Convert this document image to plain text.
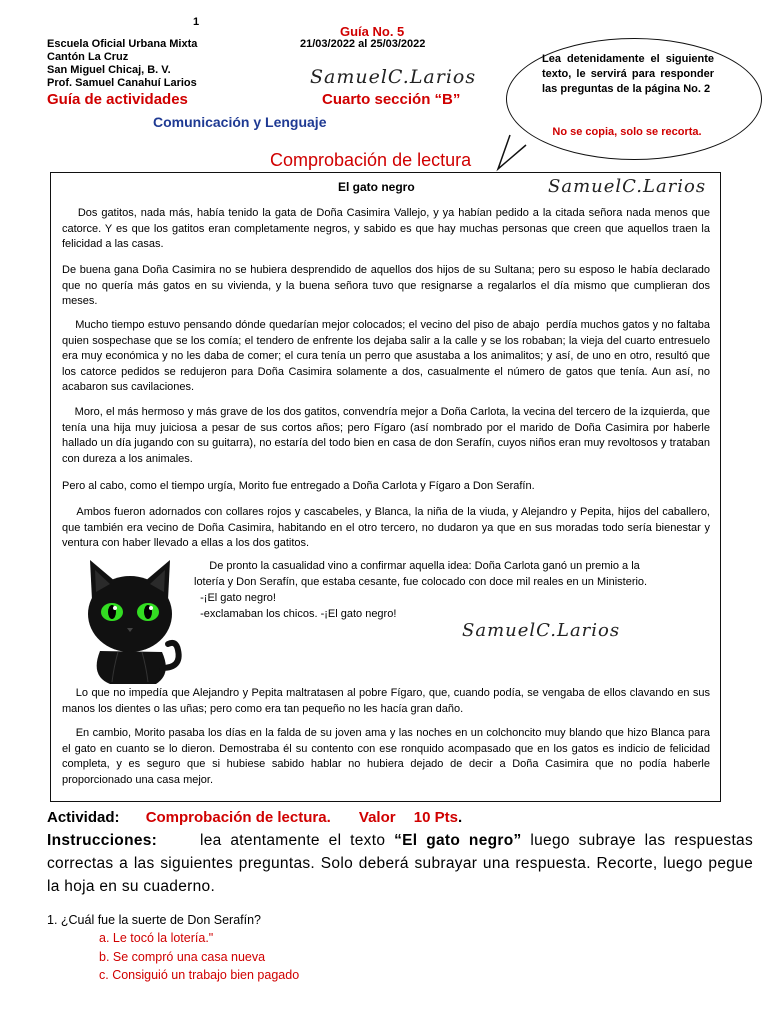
1
Guía No. 5
Escuela Oficial Urbana Mixta
Cantón La Cruz
San Miguel Chicaj, B. V.
Prof. Samuel Canahuí Larios
21/03/2022 al 25/03/2022
SamuelC.Larios
Guía de actividades	Cuarto sección “B”
Comunicación y Lenguaje
Comprobación de lectura
Lea detenidamente el siguiente texto, le servirá para responder las preguntas de la página No. 2
No se copia, solo se recorta.
El gato negro	SamuelC.Larios
Dos gatitos, nada más, había tenido la gata de Doña Casimira Vallejo, y ya habían pedido a la citada señora nada menos que catorce. Y es que los gatitos eran completamente negros, y sabido es que hay muchas personas que creen que aquellos traen la felicidad a las casas.
De buena gana Doña Casimira no se hubiera desprendido de aquellos dos hijos de su Sultana; pero su esposo le había declarado que no quería más gatos en su vivienda, y la buena señora tuvo que resignarse a regalarlos el día mismo que cumplieran dos meses.
Mucho tiempo estuvo pensando dónde quedarían mejor colocados; el vecino del piso de abajo  perdía muchos gatos y no faltaba quien sospechase que se los comía; el tendero de enfrente los dejaba salir a la calle y se los robaban; la vieja del cuarto entresuelo era muy económica y no les daba de comer; el cura tenía un perro que asustaba a los animalitos; y así, de uno en otro, resultó que los catorce pedidos se redujeron para Doña Casimira solamente a dos, casualmente el número de gatos que tenía. Aun así, no acabaron sus cavilaciones.
Moro, el más hermoso y más grave de los dos gatitos, convendría mejor a Doña Carlota, la vecina del tercero de la izquierda, que tenía una hija muy juiciosa a pesar de sus cortos años; pero Fígaro (así nombrado por el marido de Doña Casimira por haberle hallado un día jugando con su guitarra), no estaría del todo bien en casa de don Serafín, cuyos niños eran muy revoltosos y trataban con dureza a los animales.
Pero al cabo, como el tiempo urgía, Morito fue entregado a Doña Carlota y Fígaro a Don Serafín.
Ambos fueron adornados con collares rojos y cascabeles, y Blanca, la niña de la viuda, y Alejandro y Pepita, hijos del caballero, que también era vecino de Doña Casimira, habitando en el otro tercero, no dudaron ya que en sus moradas todo sería bienestar y ventura con haber llevado a ellas a los dos gatitos.
De pronto la casualidad vino a confirmar aquella idea: Doña Carlota ganó un premio a la
lotería y Don Serafín, que estaba cesante, fue colocado con doce mil reales en un Ministerio.
-¡El gato negro!
-exclamaban los chicos. -¡El gato negro!
SamuelC.Larios
Lo que no impedía que Alejandro y Pepita maltratasen al pobre Fígaro, que, cuando podía, se vengaba de ellos clavando en sus manos los dientes o las uñas; pero como era tan pequeño no les hacía gran daño.
En cambio, Morito pasaba los días en la falda de su joven ama y las noches en un colchoncito muy blando que hizo Blanca para el gato en cuanto se lo dieron. Demostraba él su contento con ese ronquido acompasado que en los gatos es indicio de felicidad completa, y es seguro que si hubiese sabido hablar no hubiera dejado de decir a Doña Casimira que no podía haberle proporcionado una casa mejor.
Actividad: Comprobación de lectura. Valor 10 Pts.
Instrucciones:	lea atentamente el texto “El gato negro” luego subraye las respuestas correctas a las siguientes preguntas. Solo deberá subrayar una respuesta. Recorte, luego pegue la hoja en su cuaderno.
1. ¿Cuál fue la suerte de Don Serafín?
a. Le tocó la lotería."
b. Se compró una casa nueva
c. Consiguió un trabajo bien pagado
